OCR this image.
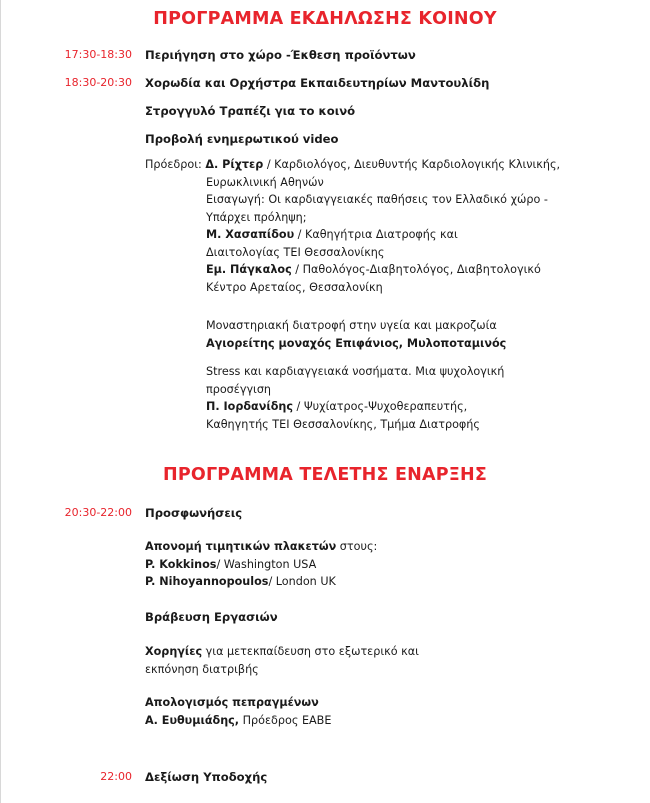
ΠΡΟΓΡΑΜΜΑ ΕΚΔΗΛΩΣΗΣ ΚΟΙΝΟΥ
17:30-18:30 Περιήγηση στο χώρο -Έκθεση προϊόντων
18:30-20:30 Χορωδία και Ορχήστρα Εκπαιδευτηρίων Μαντουλίδη
Στρογγυλό Τραπέζι για το κοινό
Προβολή ενημερωτικού video
Πρόεδροι: Δ. Ρίχτερ / Καρδιολόγος, Διευθυντής Καρδιολογικής Κλινικής,
Ευρωκλινική Αθηνών
Εισαγωγή: Οι καρδιαγγειακές παθήσεις τον Ελλαδικό χώρο -
Υπάρχει πρόληψη;
Μ. Χασαπίδου / Καθηγήτρια Διατροφής και
Διαιτολογίας ΤΕΙ Θεσσαλονίκης
Εμ. Πάγκαλος / Παθολόγος-Διαβητολόγος, Διαβητολογικό
Κέντρο Αρεταίος, Θεσσαλονίκη
Μοναστηριακή διατροφή στην υγεία και μακροζωία
Αγιορείτης μοναχός Επιφάνιος, Μυλοποταμινός
Stress και καρδιαγγειακά νοσήματα. Μια ψυχολογική
προσέγγιση
Π. Ιορδανίδης / Ψυχίατρος-Ψυχοθεραπευτής,
Καθηγητής ΤΕΙ Θεσσαλονίκης, Τμήμα Διατροφής
ΠΡΟΓΡΑΜΜΑ ΤΕΛΕΤΗΣ ΕΝΑΡΞΗΣ
20:30-22:00 Προσφωνήσεις
Απονομή τιμητικών πλακετών στους:
P. Kokkinos/ Washington USA
P. Nihoyannopoulos/ London UK
Βράβευση Εργασιών
Χορηγίες για μετεκπαίδευση στο εξωτερικό και
εκπόνηση διατριβής
Απολογισμός πεπραγμένων
Α. Ευθυμιάδης, Πρόεδρος ΕΑΒΕ
22:00 Δεξίωση Υποδοχής
